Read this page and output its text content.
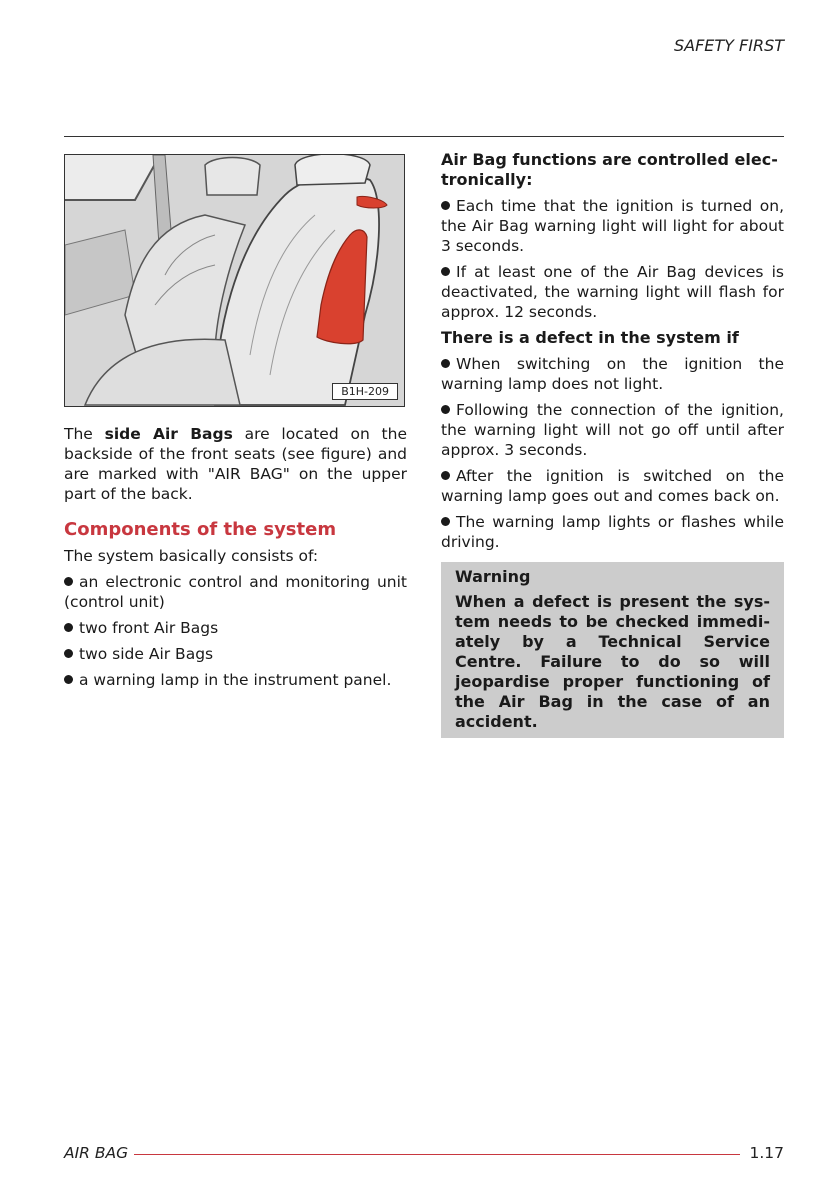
SAFETY FIRST
B1H-209

The side Air Bags are located on the backside of the front seats (see figure) and are marked with "AIR BAG" on the upper part of the back.

Components of the system

The system basically consists of:

an electronic control and monitoring unit (control unit)
two front Air Bags
two side Air Bags
a warning lamp in the instrument panel.
Air Bag functions are controlled electronically:
Each time that the ignition is turned on, the Air Bag warning light will light for about 3 seconds.
If at least one of the Air Bag devices is deactivated, the warning light will flash for approx. 12 seconds.
There is a defect in the system if
When switching on the ignition the warning lamp does not light.
Following the connection of the ignition, the warning light will not go off until after approx. 3 seconds.
After the ignition is switched on the warning lamp goes out and comes back on.
The warning lamp lights or flashes while driving.
Warning
When a defect is present the system needs to be checked immediately by a Technical Service Centre. Failure to do so will jeopardise proper functioning of the Air Bag in the case of an accident.
AIR BAG	1.17
